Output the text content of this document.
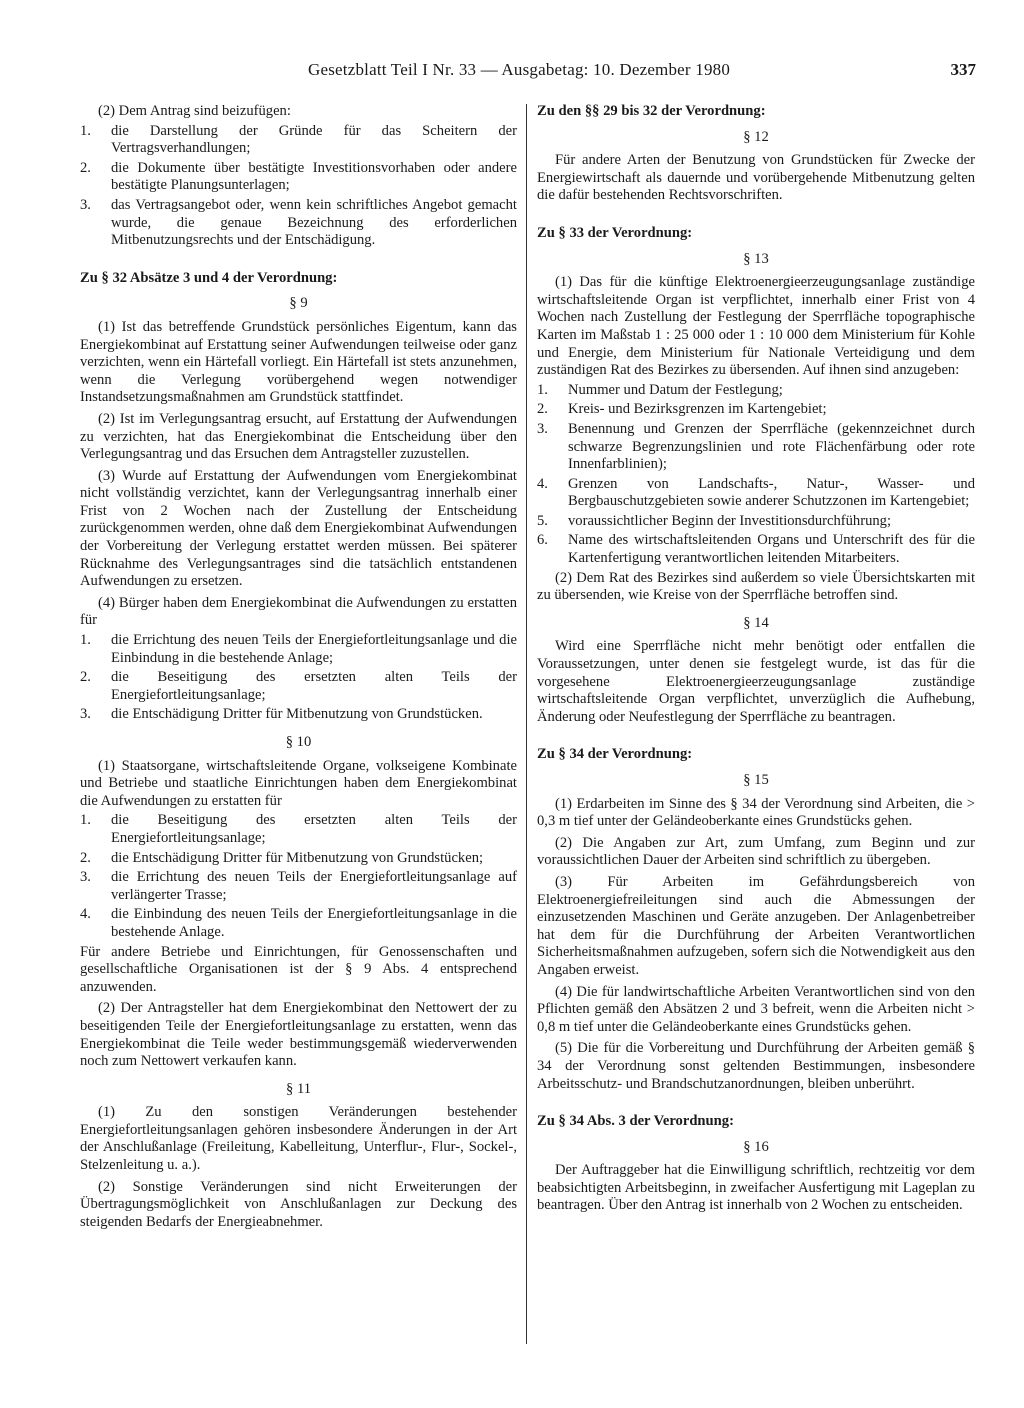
Gesetzblatt Teil I Nr. 33 — Ausgabetag: 10. Dezember 1980	337

(2) Dem Antrag sind beizufügen:

1. die Darstellung der Gründe für das Scheitern der Vertragsverhandlungen;
2. die Dokumente über bestätigte Investitionsvorhaben oder andere bestätigte Planungsunterlagen;
3. das Vertragsangebot oder, wenn kein schriftliches Angebot gemacht wurde, die genaue Bezeichnung des erforderlichen Mitbenutzungsrechts und der Entschädigung.

Zu § 32 Absätze 3 und 4 der Verordnung:

§ 9

(1) Ist das betreffende Grundstück persönliches Eigentum, kann das Energiekombinat auf Erstattung seiner Aufwendungen teilweise oder ganz verzichten, wenn ein Härtefall vorliegt. Ein Härtefall ist stets anzunehmen, wenn die Verlegung vorübergehend wegen notwendiger Instandsetzungsmaßnahmen am Grundstück stattfindet.

(2) Ist im Verlegungsantrag ersucht, auf Erstattung der Aufwendungen zu verzichten, hat das Energiekombinat die Entscheidung über den Verlegungsantrag und das Ersuchen dem Antragsteller zuzustellen.

(3) Wurde auf Erstattung der Aufwendungen vom Energiekombinat nicht vollständig verzichtet, kann der Verlegungsantrag innerhalb einer Frist von 2 Wochen nach der Zustellung der Entscheidung zurückgenommen werden, ohne daß dem Energiekombinat Aufwendungen der Vorbereitung der Verlegung erstattet werden müssen. Bei späterer Rücknahme des Verlegungsantrages sind die tatsächlich entstandenen Aufwendungen zu ersetzen.

(4) Bürger haben dem Energiekombinat die Aufwendungen zu erstatten für

1. die Errichtung des neuen Teils der Energiefortleitungsanlage und die Einbindung in die bestehende Anlage;
2. die Beseitigung des ersetzten alten Teils der Energiefortleitungsanlage;
3. die Entschädigung Dritter für Mitbenutzung von Grundstücken.

§ 10

(1) Staatsorgane, wirtschaftsleitende Organe, volkseigene Kombinate und Betriebe und staatliche Einrichtungen haben dem Energiekombinat die Aufwendungen zu erstatten für

1. die Beseitigung des ersetzten alten Teils der Energiefortleitungsanlage;
2. die Entschädigung Dritter für Mitbenutzung von Grundstücken;
3. die Errichtung des neuen Teils der Energiefortleitungsanlage auf verlängerter Trasse;
4. die Einbindung des neuen Teils der Energiefortleitungsanlage in die bestehende Anlage.

Für andere Betriebe und Einrichtungen, für Genossenschaften und gesellschaftliche Organisationen ist der § 9 Abs. 4 entsprechend anzuwenden.

(2) Der Antragsteller hat dem Energiekombinat den Nettowert der zu beseitigenden Teile der Energiefortleitungsanlage zu erstatten, wenn das Energiekombinat die Teile weder bestimmungsgemäß wiederverwenden noch zum Nettowert verkaufen kann.

§ 11

(1) Zu den sonstigen Veränderungen bestehender Energiefortleitungsanlagen gehören insbesondere Änderungen in der Art der Anschlußanlage (Freileitung, Kabelleitung, Unterflur-, Flur-, Sockel-, Stelzenleitung u. a.).

(2) Sonstige Veränderungen sind nicht Erweiterungen der Übertragungsmöglichkeit von Anschlußanlagen zur Deckung des steigenden Bedarfs der Energieabnehmer.

Zu den §§ 29 bis 32 der Verordnung:

§ 12

Für andere Arten der Benutzung von Grundstücken für Zwecke der Energiewirtschaft als dauernde und vorübergehende Mitbenutzung gelten die dafür bestehenden Rechtsvorschriften.

Zu § 33 der Verordnung:

§ 13

(1) Das für die künftige Elektroenergieerzeugungsanlage zuständige wirtschaftsleitende Organ ist verpflichtet, innerhalb einer Frist von 4 Wochen nach Zustellung der Festlegung der Sperrfläche topographische Karten im Maßstab 1 : 25 000 oder 1 : 10 000 dem Ministerium für Kohle und Energie, dem Ministerium für Nationale Verteidigung und dem zuständigen Rat des Bezirkes zu übersenden. Auf ihnen sind anzugeben:

1. Nummer und Datum der Festlegung;
2. Kreis- und Bezirksgrenzen im Kartengebiet;
3. Benennung und Grenzen der Sperrfläche (gekennzeichnet durch schwarze Begrenzungslinien und rote Flächenfärbung oder rote Innenfarblinien);
4. Grenzen von Landschafts-, Natur-, Wasser- und Bergbauschutzgebieten sowie anderer Schutzzonen im Kartengebiet;
5. voraussichtlicher Beginn der Investitionsdurchführung;
6. Name des wirtschaftsleitenden Organs und Unterschrift des für die Kartenfertigung verantwortlichen leitenden Mitarbeiters.

(2) Dem Rat des Bezirkes sind außerdem so viele Übersichtskarten mit zu übersenden, wie Kreise von der Sperrfläche betroffen sind.

§ 14

Wird eine Sperrfläche nicht mehr benötigt oder entfallen die Voraussetzungen, unter denen sie festgelegt wurde, ist das für die vorgesehene Elektroenergieerzeugungsanlage zuständige wirtschaftsleitende Organ verpflichtet, unverzüglich die Aufhebung, Änderung oder Neufestlegung der Sperrfläche zu beantragen.

Zu § 34 der Verordnung:

§ 15

(1) Erdarbeiten im Sinne des § 34 der Verordnung sind Arbeiten, die > 0,3 m tief unter der Geländeoberkante eines Grundstücks gehen.

(2) Die Angaben zur Art, zum Umfang, zum Beginn und zur voraussichtlichen Dauer der Arbeiten sind schriftlich zu übergeben.

(3) Für Arbeiten im Gefährdungsbereich von Elektroenergiefreileitungen sind auch die Abmessungen der einzusetzenden Maschinen und Geräte anzugeben. Der Anlagenbetreiber hat dem für die Durchführung der Arbeiten Verantwortlichen Sicherheitsmaßnahmen aufzugeben, sofern sich die Notwendigkeit aus den Angaben erweist.

(4) Die für landwirtschaftliche Arbeiten Verantwortlichen sind von den Pflichten gemäß den Absätzen 2 und 3 befreit, wenn die Arbeiten nicht > 0,8 m tief unter die Geländeoberkante eines Grundstücks gehen.

(5) Die für die Vorbereitung und Durchführung der Arbeiten gemäß § 34 der Verordnung sonst geltenden Bestimmungen, insbesondere Arbeitsschutz- und Brandschutzanordnungen, bleiben unberührt.

Zu § 34 Abs. 3 der Verordnung:

§ 16

Der Auftraggeber hat die Einwilligung schriftlich, rechtzeitig vor dem beabsichtigten Arbeitsbeginn, in zweifacher Ausfertigung mit Lageplan zu beantragen. Über den Antrag ist innerhalb von 2 Wochen zu entscheiden.
